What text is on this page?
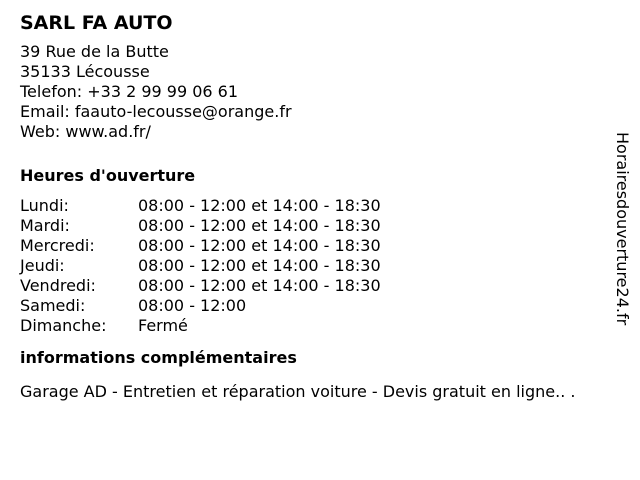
SARL FA AUTO
39 Rue de la Butte
35133 Lécousse
Telefon: +33 2 99 99 06 61
Email: faauto-lecousse@orange.fr
Web: www.ad.fr/
Heures d'ouverture
Lundi:	08:00 - 12:00 et 14:00 - 18:30
Mardi:	08:00 - 12:00 et 14:00 - 18:30
Mercredi:	08:00 - 12:00 et 14:00 - 18:30
Jeudi:	08:00 - 12:00 et 14:00 - 18:30
Vendredi:	08:00 - 12:00 et 14:00 - 18:30
Samedi:	08:00 - 12:00
Dimanche:	Fermé
informations complémentaires
Garage AD - Entretien et réparation voiture - Devis gratuit en ligne.. .
Horairesdouverture24.fr
